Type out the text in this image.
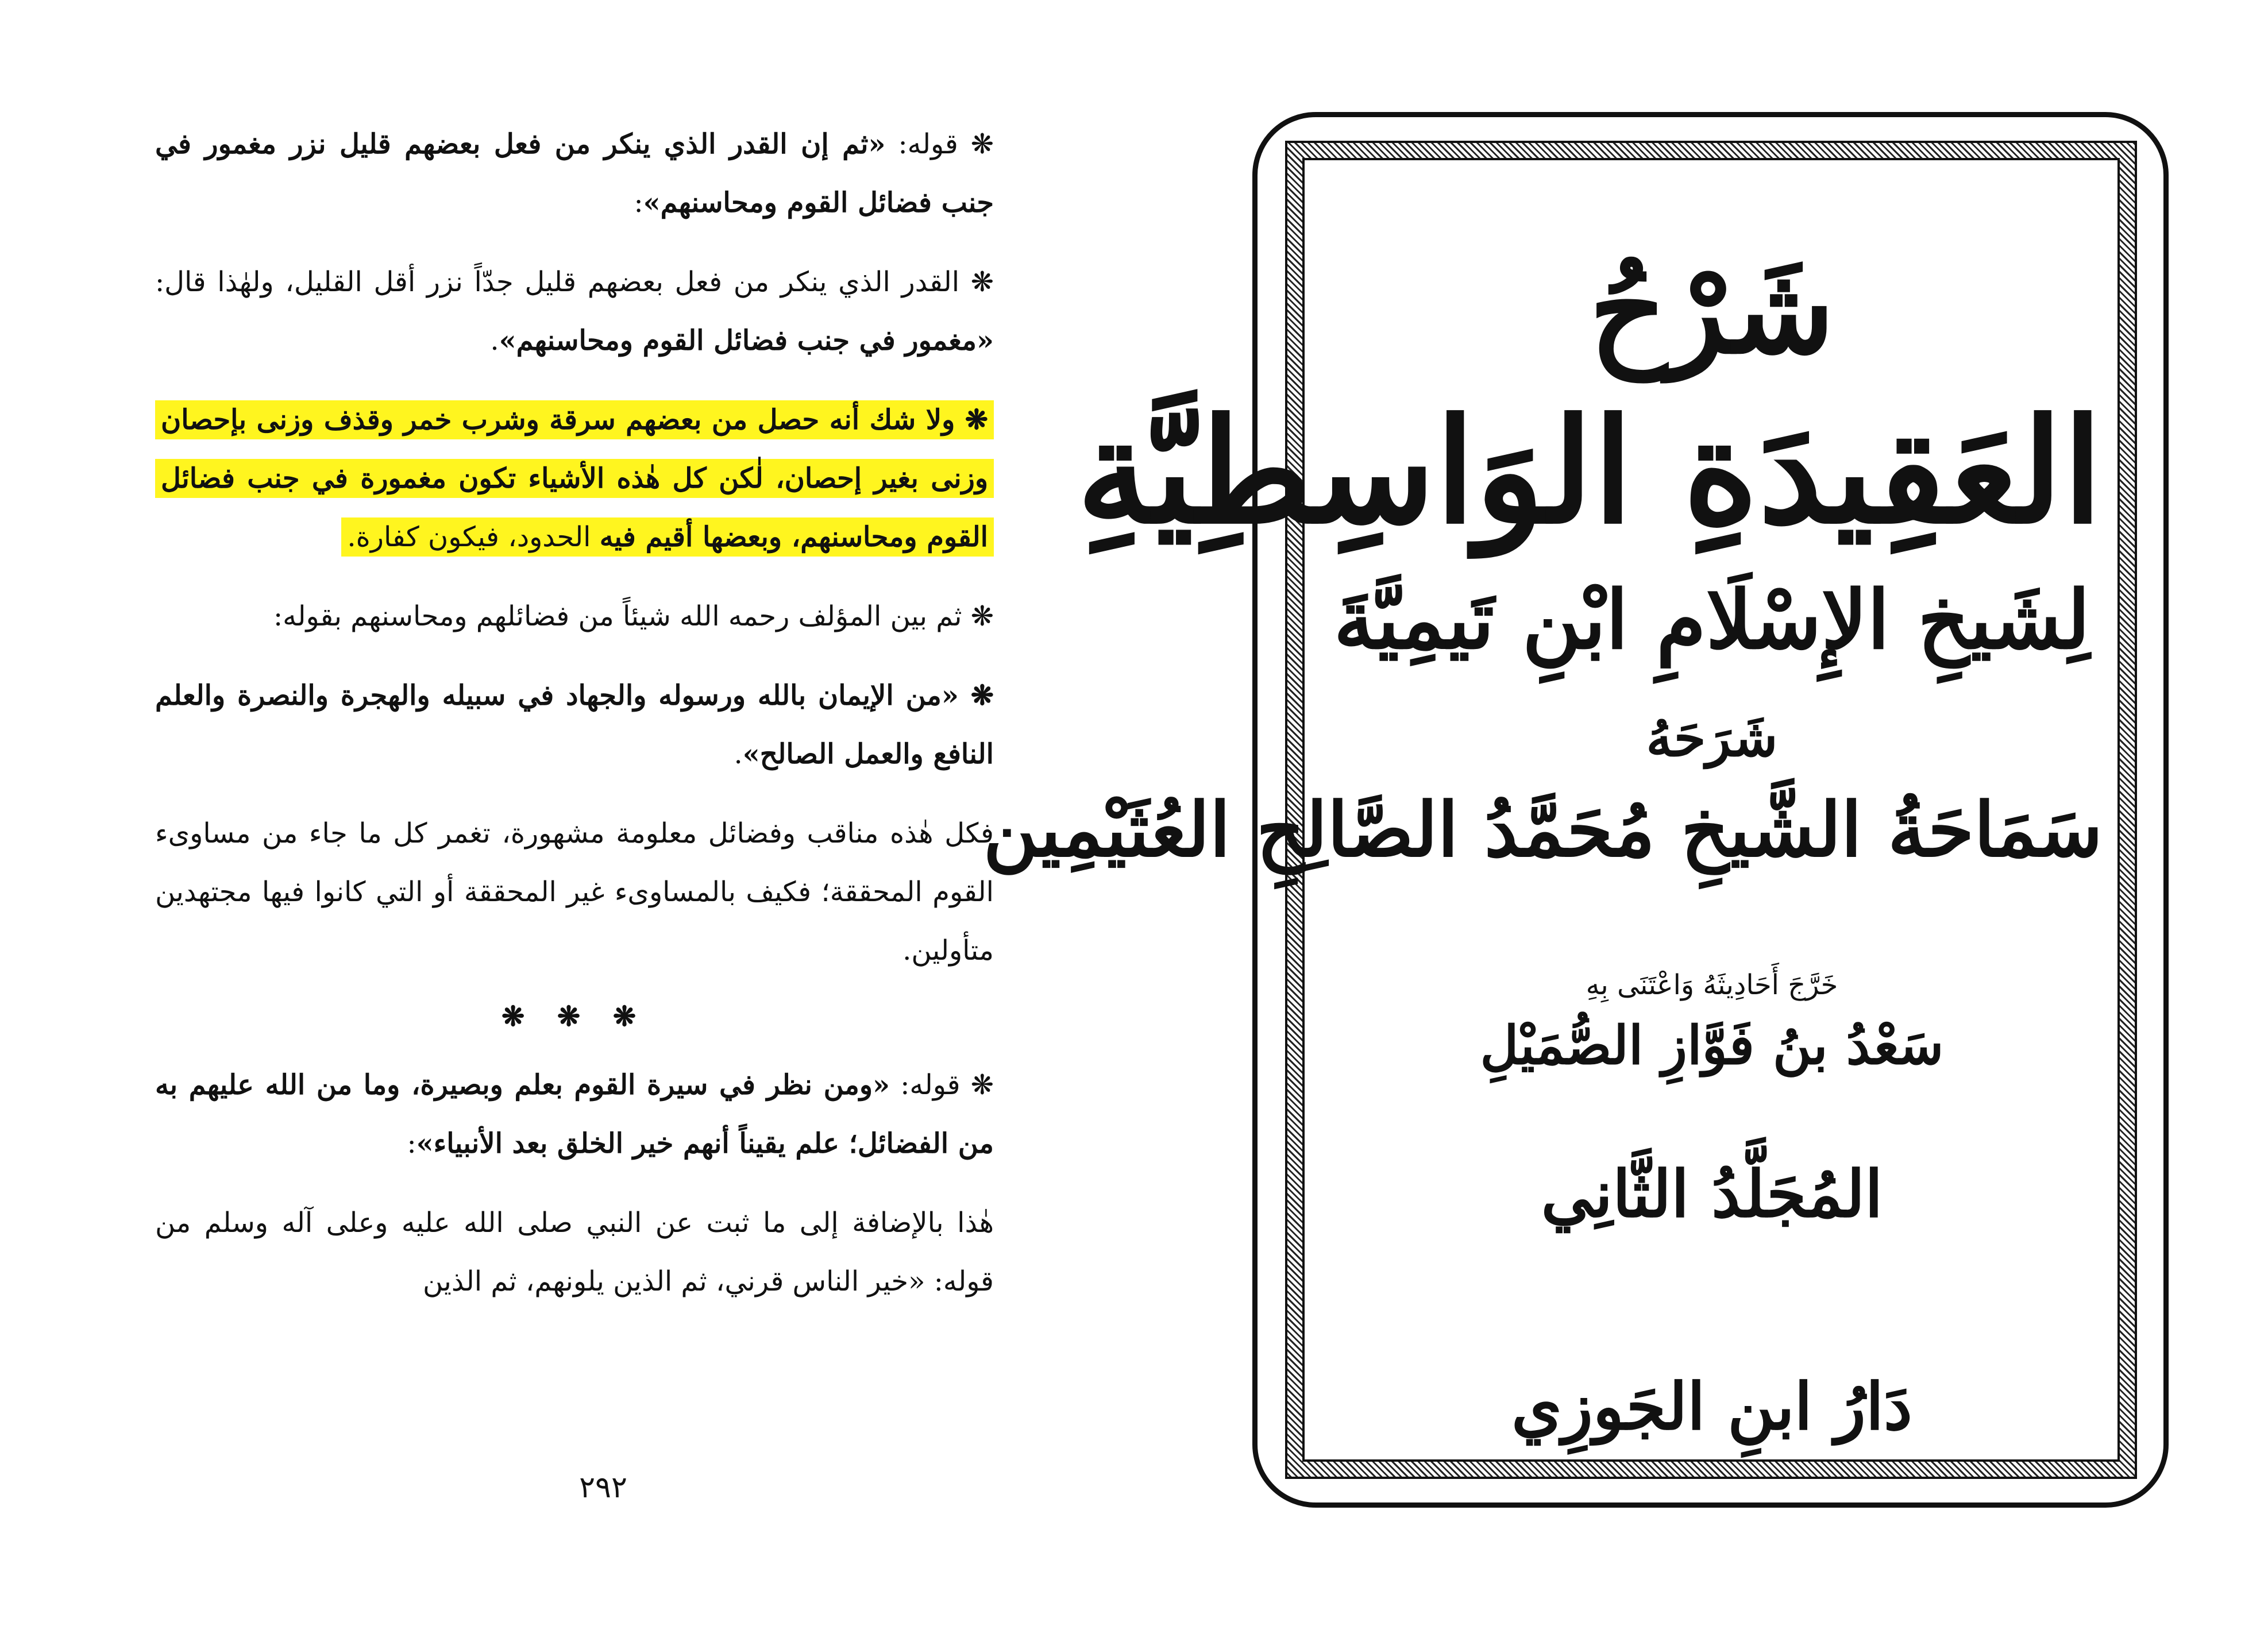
❋ قوله: «ثم إن القدر الذي ينكر من فعل بعضهم قليل نزر مغمور في جنب فضائل القوم ومحاسنهم»:

❋ القدر الذي ينكر من فعل بعضهم قليل جدّاً نزر أقل القليل، ولهٰذا قال: «مغمور في جنب فضائل القوم ومحاسنهم».

❋ ولا شك أنه حصل من بعضهم سرقة وشرب خمر وقذف وزنى بإحصان وزنى بغير إحصان، لٰكن كل هٰذه الأشياء تكون مغمورة في جنب فضائل القوم ومحاسنهم، وبعضها أقيم فيه الحدود، فيكون كفارة.

❋ ثم بين المؤلف رحمه الله شيئاً من فضائلهم ومحاسنهم بقوله:

❋ «من الإيمان بالله ورسوله والجهاد في سبيله والهجرة والنصرة والعلم النافع والعمل الصالح».

فكل هٰذه مناقب وفضائل معلومة مشهورة، تغمر كل ما جاء من مساوىء القوم المحققة؛ فكيف بالمساوىء غير المحققة أو التي كانوا فيها مجتهدين متأولين.

❋ ❋ ❋

❋ قوله: «ومن نظر في سيرة القوم بعلم وبصيرة، وما من الله عليهم به من الفضائل؛ علم يقيناً أنهم خير الخلق بعد الأنبياء»:

هٰذا بالإضافة إلى ما ثبت عن النبي صلى الله عليه وعلى آله وسلم من قوله: «خير الناس قرني، ثم الذين يلونهم، ثم الذين

٢٩٢

شَرْحُ

العَقِيدَةِ الوَاسِطِيَّةِ

لِشَيخِ الإِسْلَامِ ابْنِ تَيمِيَّةَ

شَرَحَهُ

سَمَاحَةُ الشَّيخِ مُحَمَّدُ الصَّالِحِ العُثَيْمِين

خَرَّجَ أَحَادِيثَهُ وَاعْتَنَى بِهِ

سَعْدُ بنُ فَوَّازِ الصُّمَيْلِ

المُجَلَّدُ الثَّانِي

دَارُ ابنِ الجَوزِي
